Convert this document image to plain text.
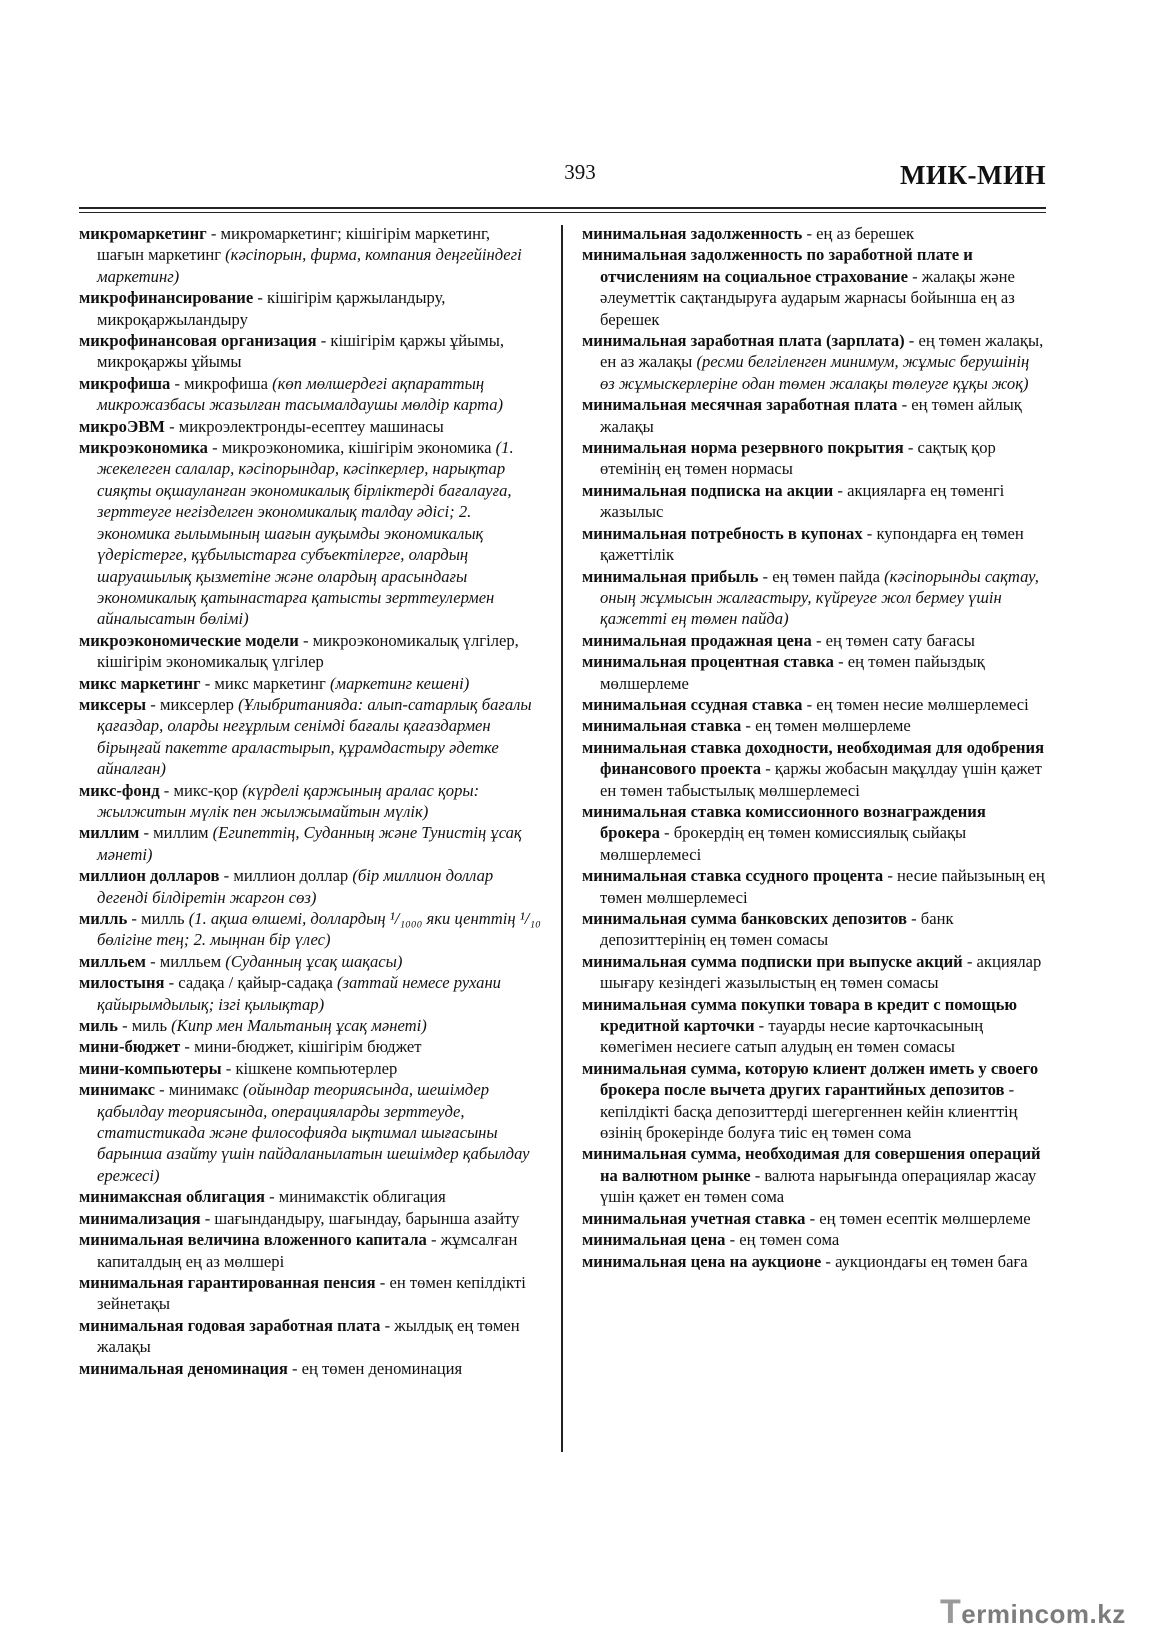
393	МИК-МИН

микромаркетинг - микромаркетинг; кішігірім маркетинг, шағын маркетинг (кәсіпорын, фирма, компания деңгейіндегі маркетинг)

микрофинансирование - кішігірім қаржыландыру, микроқаржыландыру

микрофинансовая организация - кішігірім қаржы ұйымы, микроқаржы ұйымы

микрофиша - микрофиша (көп мөлшердегі ақпараттың микрожазбасы жазылған тасымалдаушы мөлдір карта)

микроЭВМ - микроэлектронды-есептеу машинасы

микроэкономика - микроэкономика, кішігірім экономика (1. жекелеген салалар, кәсіпорындар, кәсіпкерлер, нарықтар сияқты оқшауланған экономикалық бірліктерді бағалауға, зерттеуге негізделген экономикалық талдау әдісі; 2. экономика ғылымының шағын ауқымды экономикалық үдерістерге, құбылыстарға субъектілерге, олардың шаруашылық қызметіне және олардың арасындағы экономикалық қатынастарға қатысты зерттеулермен айналысатын бөлімі)

микроэкономические модели - микроэкономикалық үлгілер, кішігірім экономикалық үлгілер

микс маркетинг - микс маркетинг (маркетинг кешені)

миксеры - миксерлер (Ұлыбританияда: алып-сатарлық бағалы қағаздар, оларды неғұрлым сенімді бағалы қағаздармен бірыңғай пакетте араластырып, құрамдастыру әдетке айналған)

микс-фонд - микс-қор (күрделі қаржының аралас қоры: жылжитын мүлік пен жылжымайтын мүлік)

миллим - миллим (Египеттің, Суданның және Тунистің ұсақ мәнеті)

миллион долларов - миллион доллар (бір миллион доллар дегенді білдіретін жаргон сөз)

милль - милль (1. ақша өлшемі, доллардың ¹/₁₀₀₀ яки центтің ¹/₁₀ бөлігіне тең; 2. мыңнан бір үлес)

милльем - милльем (Суданның ұсақ шақасы)

милостыня - садақа / қайыр-садақа (заттай немесе рухани қайырымдылық; ізгі қылықтар)

миль - миль (Кипр мен Мальтаның ұсақ мәнеті)

мини-бюджет - мини-бюджет, кішігірім бюджет

мини-компьютеры - кішкене компьютерлер

минимакс - минимакс (ойындар теориясында, шешімдер қабылдау теориясында, операцияларды зерттеуде, статистикада және философияда ықтимал шығасыны барынша азайту үшін пайдаланылатын шешімдер қабылдау ережесі)

минимаксная облигация - минимакстік облигация

минимализация - шағындандыру, шағындау, барынша азайту

минимальная величина вложенного капитала - жұмсалған капиталдың ең аз мөлшері

минимальная гарантированная пенсия - ен төмен кепілдікті зейнетақы

минимальная годовая заработная плата - жылдық ең төмен жалақы

минимальная деноминация - ең төмен деноминация

минимальная задолженность - ең аз берешек

минимальная задолженность по заработной плате и отчислениям на социальное страхование - жалақы және әлеуметтік сақтандыруға аударым жарнасы бойынша ең аз берешек

минимальная заработная плата (зарплата) - ең төмен жалақы, ен аз жалақы (ресми белгіленген минимум, жұмыс берушінің өз жұмыскерлеріне одан төмен жалақы төлеуге құқы жоқ)

минимальная месячная заработная плата - ең төмен айлық жалақы

минимальная норма резервного покрытия - сақтық қор өтемінің ең төмен нормасы

минимальная подписка на акции - акцияларға ең төменгі жазылыс

минимальная потребность в купонах - купондарға ең төмен қажеттілік

минимальная прибыль - ең төмен пайда (кәсіпорынды сақтау, оның жұмысын жалғастыру, күйреуге жол бермеу үшін қажетті ең төмен пайда)

минимальная продажная цена - ең төмен сату бағасы

минимальная процентная ставка - ең төмен пайыздық мөлшерлеме

минимальная ссудная ставка - ең төмен несие мөлшерлемесі

минимальная ставка - ең төмен мөлшерлеме

минимальная ставка доходности, необходимая для одобрения финансового проекта - қаржы жобасын мақұлдау үшін қажет ен төмен табыстылық мөлшерлемесі

минимальная ставка комиссионного вознаграждения брокера - брокердің ең төмен комиссиялық сыйақы мөлшерлемесі

минимальная ставка ссудного процента - несие пайызының ең төмен мөлшерлемесі

минимальная сумма банковских депозитов - банк депозиттерінің ең төмен сомасы

минимальная сумма подписки при выпуске акций - акциялар шығару кезіндегі жазылыстың ең төмен сомасы

минимальная сумма покупки товара в кредит с помощью кредитной карточки - тауарды несие карточкасының көмегімен несиеге сатып алудың ен төмен сомасы

минимальная сумма, которую клиент должен иметь у своего брокера после вычета других гарантийных депозитов - кепілдікті басқа депозиттерді шегергеннен кейін клиенттің өзінің брокерінде болуға тиіс ең төмен сома

минимальная сумма, необходимая для совершения операций на валютном рынке - валюта нарығында операциялар жасау үшін қажет ен төмен сома

минимальная учетная ставка - ең төмен есептік мөлшерлеме

минимальная цена - ең төмен сома

минимальная цена на аукционе - аукциондағы ең төмен баға

Termincom.kz
